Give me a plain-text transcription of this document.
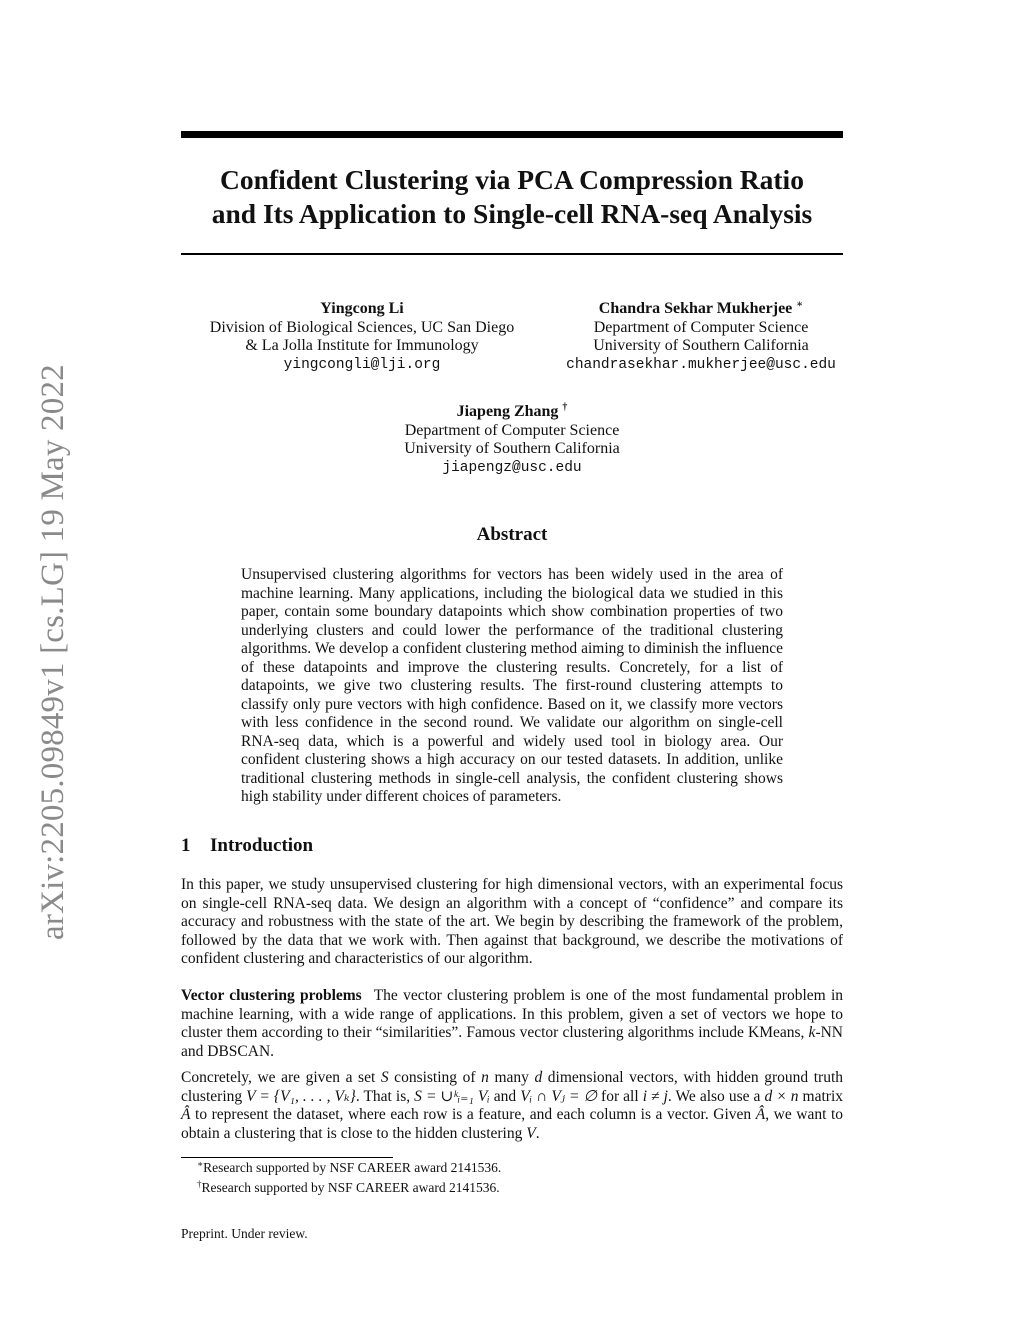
arXiv:2205.09849v1 [cs.LG] 19 May 2022
Confident Clustering via PCA Compression Ratio
and Its Application to Single-cell RNA-seq Analysis
Yingcong Li
Division of Biological Sciences, UC San Diego
& La Jolla Institute for Immunology
yingcongli@lji.org
Chandra Sekhar Mukherjee ∗
Department of Computer Science
University of Southern California
chandrasekhar.mukherjee@usc.edu
Jiapeng Zhang †
Department of Computer Science
University of Southern California
jiapengz@usc.edu
Abstract

Unsupervised clustering algorithms for vectors has been widely used in the area of machine learning. Many applications, including the biological data we studied in this paper, contain some boundary datapoints which show combination properties of two underlying clusters and could lower the performance of the traditional clustering algorithms. We develop a confident clustering method aiming to diminish the influence of these datapoints and improve the clustering results. Concretely, for a list of datapoints, we give two clustering results. The first-round clustering attempts to classify only pure vectors with high confidence. Based on it, we classify more vectors with less confidence in the second round. We validate our algorithm on single-cell RNA-seq data, which is a powerful and widely used tool in biology area. Our confident clustering shows a high accuracy on our tested datasets. In addition, unlike traditional clustering methods in single-cell analysis, the confident clustering shows high stability under different choices of parameters.

1 Introduction

In this paper, we study unsupervised clustering for high dimensional vectors, with an experimental focus on single-cell RNA-seq data. We design an algorithm with a concept of “confidence” and compare its accuracy and robustness with the state of the art. We begin by describing the framework of the problem, followed by the data that we work with. Then against that background, we describe the motivations of confident clustering and characteristics of our algorithm.

Vector clustering problems The vector clustering problem is one of the most fundamental problem in machine learning, with a wide range of applications. In this problem, given a set of vectors we hope to cluster them according to their “similarities”. Famous vector clustering algorithms include KMeans, k-NN and DBSCAN.

Concretely, we are given a set S consisting of n many d dimensional vectors, with hidden ground truth clustering V = {V₁, . . . , Vₖ}. That is, S = ∪ᵏᵢ₌₁ Vᵢ and Vᵢ ∩ Vⱼ = ∅ for all i ≠ j. We also use a d × n matrix Â to represent the dataset, where each row is a feature, and each column is a vector. Given Â, we want to obtain a clustering that is close to the hidden clustering V.

∗Research supported by NSF CAREER award 2141536.

†Research supported by NSF CAREER award 2141536.

Preprint. Under review.
